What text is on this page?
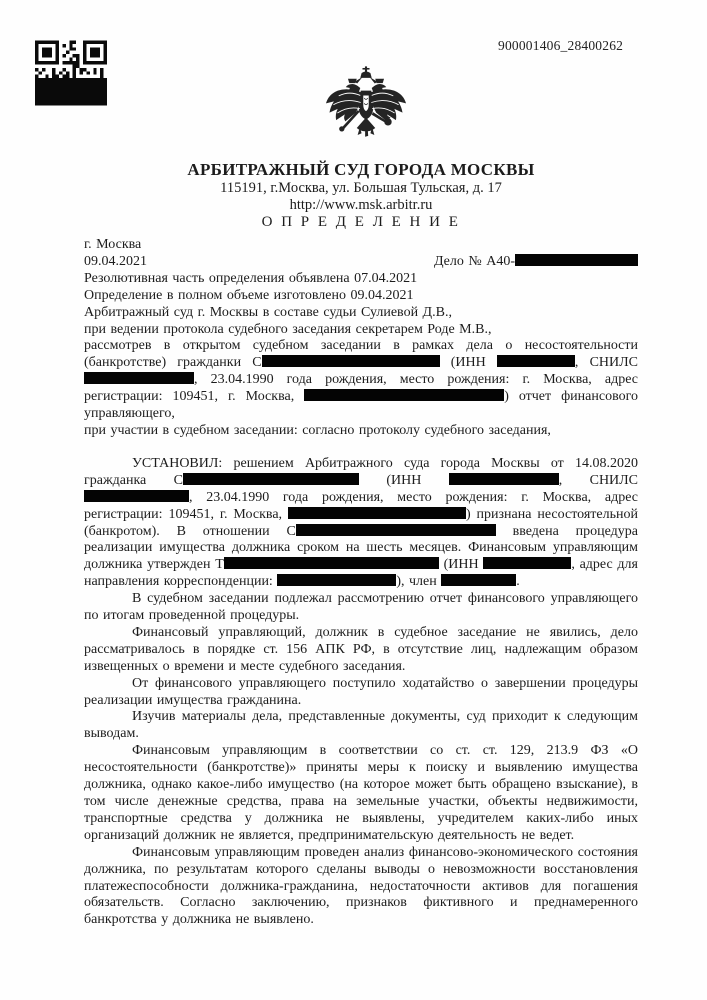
900001406_28400262
АРБИТРАЖНЫЙ СУД ГОРОДА МОСКВЫ
115191, г.Москва, ул. Большая Тульская, д. 17
http://www.msk.arbitr.ru
О П Р Е Д Е Л Е Н И Е
г. Москва
09.04.2021	Дело № А40-
Резолютивная часть определения объявлена 07.04.2021
Определение в полном объеме изготовлено 09.04.2021
Арбитражный суд г. Москвы в составе судьи Сулиевой Д.В.,
при ведении протокола судебного заседания секретарем Роде М.В.,

рассмотрев в открытом судебном заседании в рамках дела о несостоятельности (банкротстве) гражданки С	(ИНН	, СНИЛС , 23.04.1990 года рождения, место рождения: г. Москва, адрес регистрации: 109451, г. Москва,	) отчет финансового управляющего,

при участии в судебном заседании: согласно протоколу судебного заседания,

УСТАНОВИЛ: решением Арбитражного суда города Москвы от 14.08.2020 гражданка С	(ИНН	, СНИЛС , 23.04.1990 года рождения, место рождения: г. Москва, адрес регистрации: 109451, г. Москва,	) признана несостоятельной (банкротом). В отношении С	введена процедура реализации имущества должника сроком на шесть месяцев. Финансовым управляющим должника утвержден Т	(ИНН	, адрес для направления корреспонденции:	), член	.

В судебном заседании подлежал рассмотрению отчет финансового управляющего по итогам проведенной процедуры.

Финансовый управляющий, должник в судебное заседание не явились, дело рассматривалось в порядке ст. 156 АПК РФ, в отсутствие лиц, надлежащим образом извещенных о времени и месте судебного заседания.

От финансового управляющего поступило ходатайство о завершении процедуры реализации имущества гражданина.

Изучив материалы дела, представленные документы, суд приходит к следующим выводам.

Финансовым управляющим в соответствии со ст. ст. 129, 213.9 ФЗ «О несостоятельности (банкротстве)» приняты меры к поиску и выявлению имущества должника, однако какое-либо имущество (на которое может быть обращено взыскание), в том числе денежные средства, права на земельные участки, объекты недвижимости, транспортные средства у должника не выявлены, учредителем каких-либо иных организаций должник не является, предпринимательскую деятельность не ведет.

Финансовым управляющим проведен анализ финансово-экономического состояния должника, по результатам которого сделаны выводы о невозможности восстановления платежеспособности должника-гражданина, недостаточности активов для погашения обязательств. Согласно заключению, признаков фиктивного и преднамеренного банкротства у должника не выявлено.
